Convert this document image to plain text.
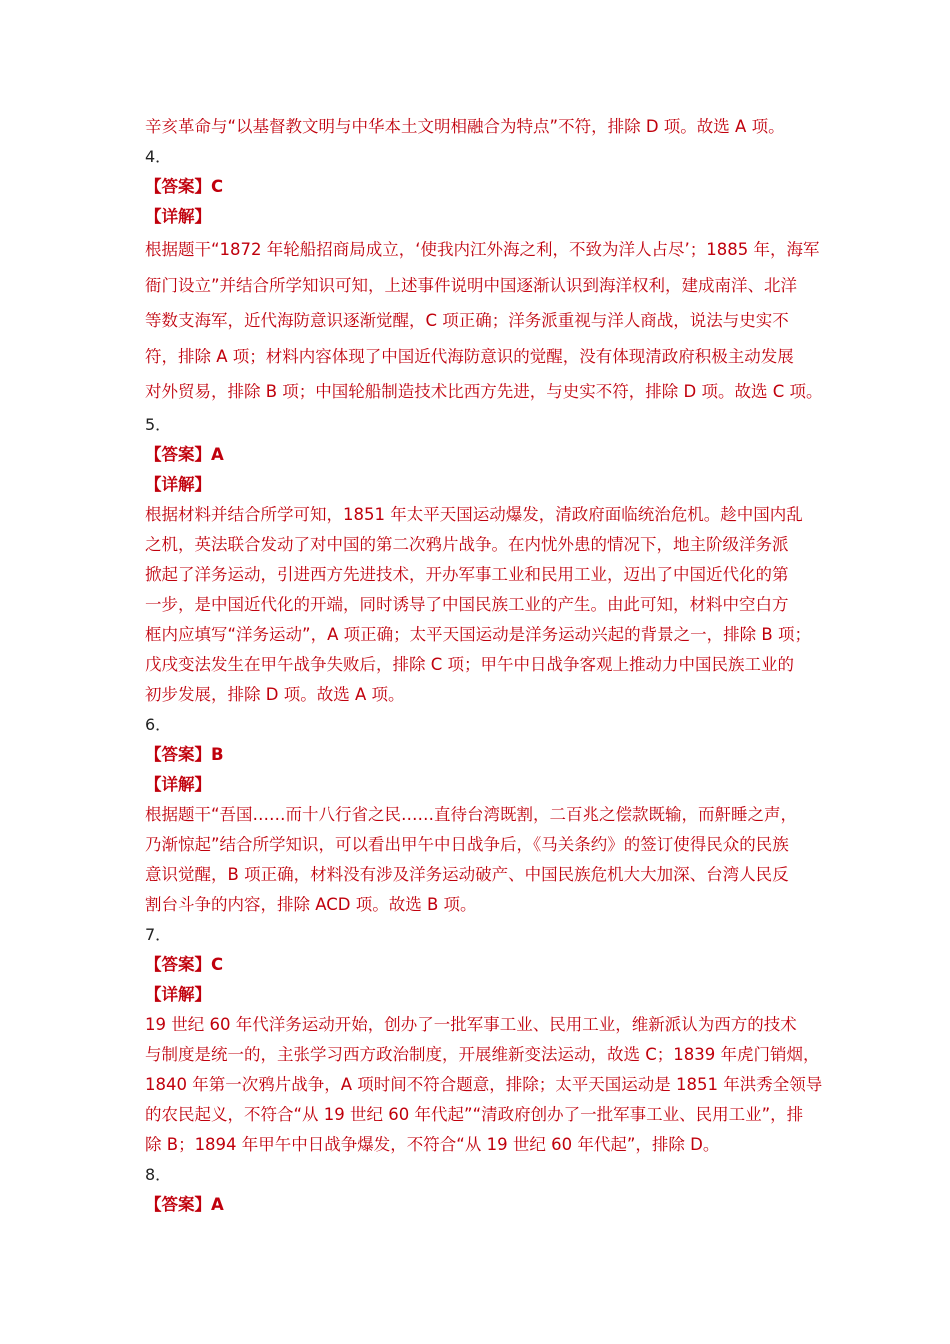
辛亥革命与“以基督教文明与中华本土文明相融合为特点”不符，排除 D 项。故选 A 项。

4．

【答案】C

【详解】

根据题干“1872 年轮船招商局成立，‘使我内江外海之利，不致为洋人占尽’；1885 年，海军

衙门设立”并结合所学知识可知，上述事件说明中国逐渐认识到海洋权利，建成南洋、北洋

等数支海军，近代海防意识逐渐觉醒，C 项正确；洋务派重视与洋人商战，说法与史实不

符，排除 A 项；材料内容体现了中国近代海防意识的觉醒，没有体现清政府积极主动发展

对外贸易，排除 B 项；中国轮船制造技术比西方先进，与史实不符，排除 D 项。故选 C 项。

5．

【答案】A

【详解】

根据材料并结合所学可知，1851 年太平天国运动爆发，清政府面临统治危机。趁中国内乱

之机，英法联合发动了对中国的第二次鸦片战争。在内忧外患的情况下，地主阶级洋务派

掀起了洋务运动，引进西方先进技术，开办军事工业和民用工业，迈出了中国近代化的第

一步，是中国近代化的开端，同时诱导了中国民族工业的产生。由此可知，材料中空白方

框内应填写“洋务运动”，A 项正确；太平天国运动是洋务运动兴起的背景之一，排除 B 项；

戊戌变法发生在甲午战争失败后，排除 C 项；甲午中日战争客观上推动力中国民族工业的

初步发展，排除 D 项。故选 A 项。

6．

【答案】B

【详解】

根据题干“吾国……而十八行省之民……直待台湾既割，二百兆之偿款既输，而鼾睡之声，

乃渐惊起”结合所学知识，可以看出甲午中日战争后，《马关条约》的签订使得民众的民族

意识觉醒，B 项正确，材料没有涉及洋务运动破产、中国民族危机大大加深、台湾人民反

割台斗争的内容，排除 ACD 项。故选 B 项。

7．

【答案】C

【详解】

19 世纪 60 年代洋务运动开始，创办了一批军事工业、民用工业，维新派认为西方的技术

与制度是统一的，主张学习西方政治制度，开展维新变法运动，故选 C；1839 年虎门销烟，

1840 年第一次鸦片战争，A 项时间不符合题意，排除；太平天国运动是 1851 年洪秀全领导

的农民起义，不符合“从 19 世纪 60 年代起”“清政府创办了一批军事工业、民用工业”，排

除 B；1894 年甲午中日战争爆发，不符合“从 19 世纪 60 年代起”，排除 D。

8．

【答案】A
